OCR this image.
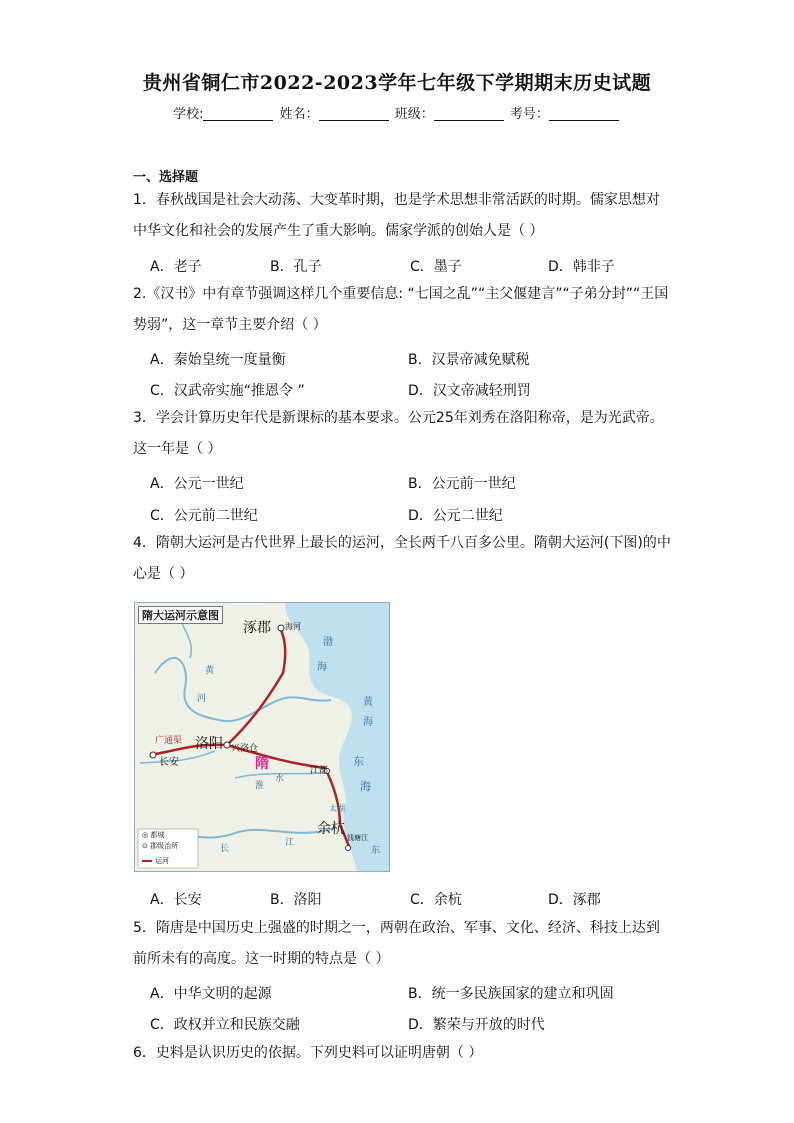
贵州省铜仁市2022-2023学年七年级下学期期末历史试题
学校:	姓名：	班级：	考号：
一、选择题
1．春秋战国是社会大动荡、大变革时期，也是学术思想非常活跃的时期。儒家思想对
中华文化和社会的发展产生了重大影响。儒家学派的创始人是（ ）
A．老子	B．孔子	C．墨子	D．韩非子
2.《汉书》中有章节强调这样几个重要信息: “七国之乱”“主父偃建言”“子弟分封”“王国
势弱”，这一章节主要介绍（ ）
A．秦始皇统一度量衡	B．汉景帝减免赋税
C．汉武帝实施“推恩令 ”	D．汉文帝减轻刑罚
3．学会计算历史年代是新课标的基本要求。公元25年刘秀在洛阳称帝，是为光武帝。
这一年是（ ）
A．公元一世纪	B．公元前一世纪
C．公元前二世纪	D．公元二世纪
4．隋朝大运河是古代世界上最长的运河，全长两千八百多公里。隋朝大运河(下图)的中
心是（ ）
隋大运河示意图
涿郡 海河
洛阳
长安
兴洛仓
广通渠
隋	江都
太湖
余杭
钱塘江
渤
海
黄
海
东
海
东
黄
河
淮
水
长
江
◎ 都城
⊙ 郡级治所
运河
A．长安	B．洛阳	C．余杭	D．涿郡
5．隋唐是中国历史上强盛的时期之一，两朝在政治、军事、文化、经济、科技上达到
前所未有的高度。这一时期的特点是（ ）
A．中华文明的起源	B．统一多民族国家的建立和巩固
C．政权并立和民族交融	D．繁荣与开放的时代
6．史料是认识历史的依据。下列史料可以证明唐朝（ ）
